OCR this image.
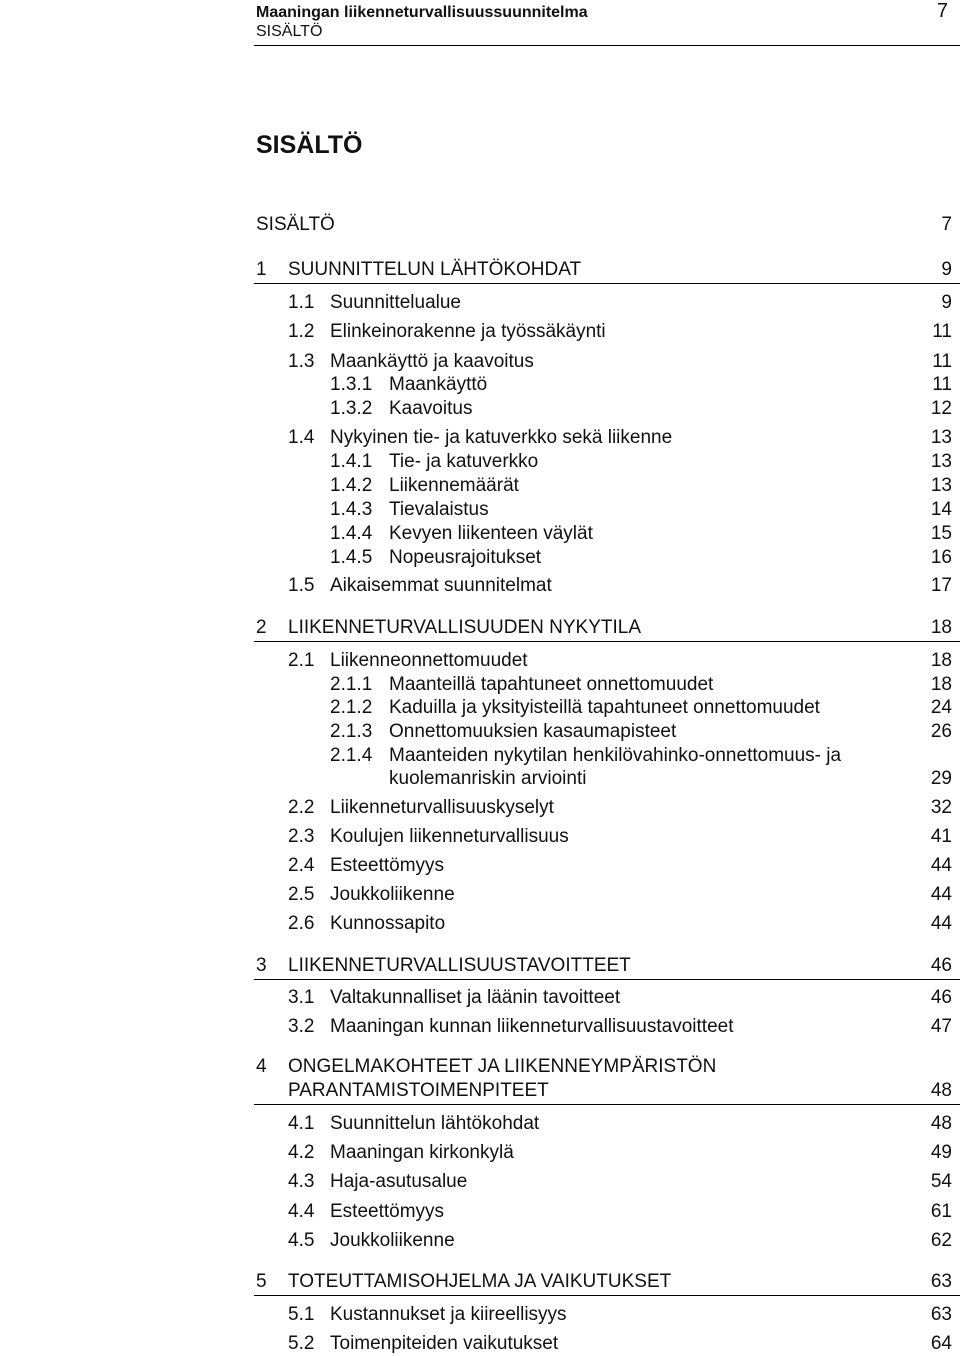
Maaningan liikenneturvallisuussuunnitelma
SISÄLTÖ
7
SISÄLTÖ
SISÄLTÖ	7
1 SUUNNITTELUN LÄHTÖKOHDAT	9
1.1 Suunnittelualue	9
1.2 Elinkeinorakenne ja työssäkäynti	11
1.3 Maankäyttö ja kaavoitus	11
1.3.1 Maankäyttö	11
1.3.2 Kaavoitus	12
1.4 Nykyinen tie- ja katuverkko sekä liikenne	13
1.4.1 Tie- ja katuverkko	13
1.4.2 Liikennemäärät	13
1.4.3 Tievalaistus	14
1.4.4 Kevyen liikenteen väylät	15
1.4.5 Nopeusrajoitukset	16
1.5 Aikaisemmat suunnitelmat	17
2 LIIKENNETURVALLISUUDEN NYKYTILA	18
2.1 Liikenneonnettomuudet	18
2.1.1 Maanteillä tapahtuneet onnettomuudet	18
2.1.2 Kaduilla ja yksityisteillä tapahtuneet onnettomuudet	24
2.1.3 Onnettomuuksien kasaumapisteet	26
2.1.4 Maanteiden nykytilan henkilövahinko-onnettomuus- ja
kuolemanriskin arviointi	29
2.2 Liikenneturvallisuuskyselyt	32
2.3 Koulujen liikenneturvallisuus	41
2.4 Esteettömyys	44
2.5 Joukkoliikenne	44
2.6 Kunnossapito	44
3 LIIKENNETURVALLISUUSTAVOITTEET	46
3.1 Valtakunnalliset ja läänin tavoitteet	46
3.2 Maaningan kunnan liikenneturvallisuustavoitteet	47
4 ONGELMAKOHTEET JA LIIKENNEYMPÄRISTÖN
PARANTAMISTOIMENPITEET	48
4.1 Suunnittelun lähtökohdat	48
4.2 Maaningan kirkonkylä	49
4.3 Haja-asutusalue	54
4.4 Esteettömyys	61
4.5 Joukkoliikenne	62
5 TOTEUTTAMISOHJELMA JA VAIKUTUKSET	63
5.1 Kustannukset ja kiireellisyys	63
5.2 Toimenpiteiden vaikutukset	64
